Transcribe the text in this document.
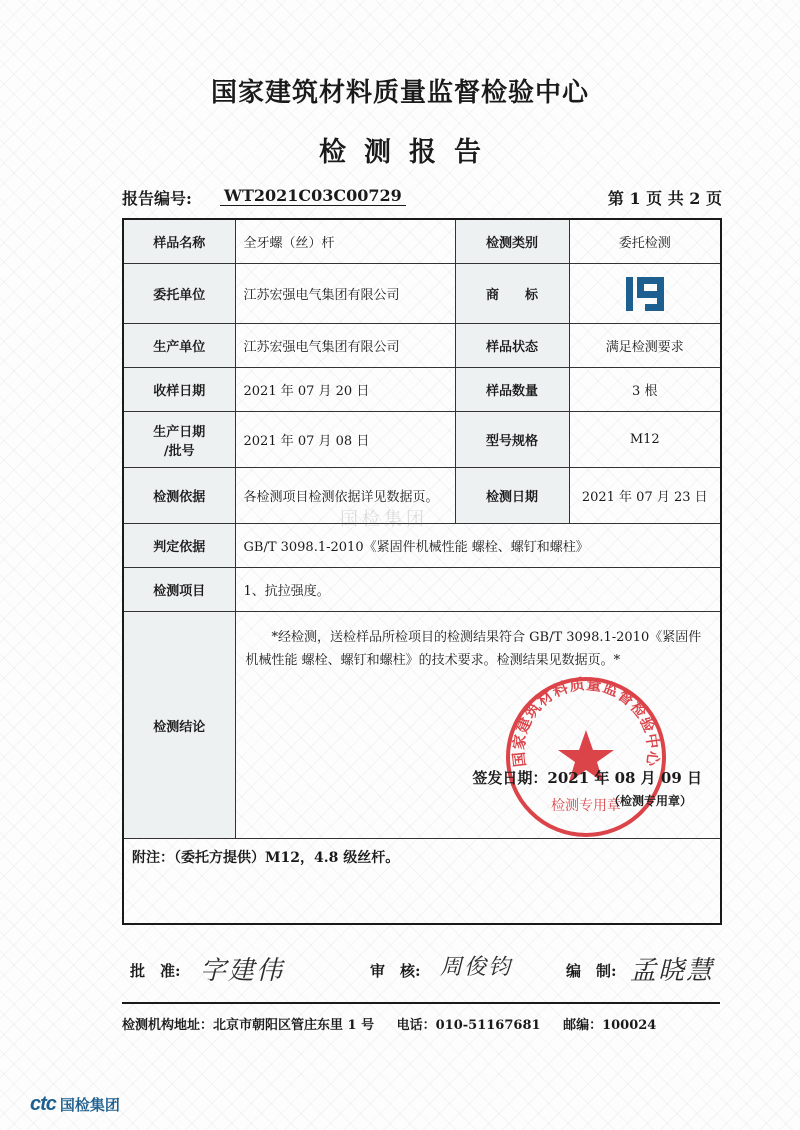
国家建筑材料质量监督检验中心
检测报告
报告编号: WT2021C03C00729	第 1 页 共 2 页
样品名称	全牙螺（丝）杆	检测类别	委托检测
委托单位	江苏宏强电气集团有限公司	商　　标	
生产单位	江苏宏强电气集团有限公司	样品状态	满足检测要求
收样日期	2021 年 07 月 20 日	样品数量	3 根

生产日期
/批号	2021 年 07 月 08 日	型号规格	M12
检测依据	各检测项目检测依据详见数据页。	检测日期	2021 年 07 月 23 日
判定依据	GB/T 3098.1-2010《紧固件机械性能 螺栓、螺钉和螺柱》		
检测项目	1、抗拉强度。		
检测结论	*经检测，送检样品所检项目的检测结果符合 GB/T 3098.1-2010《紧固件机械性能 螺栓、螺钉和螺柱》的技术要求。检测结果见数据页。*
国家建筑材料质量监督检验中心
检测专用章
签发日期：2021 年 08 月 09 日
（检测专用章）		

附注：（委托方提供）M12，4.8 级丝杆。			
国检集团
批　准: 字建伟	审　核: 周俊钧	编　制: 孟晓慧
检测机构地址：北京市朝阳区管庄东里 1 号 电话：010-51167681 邮编：100024
ctc 国检集团
